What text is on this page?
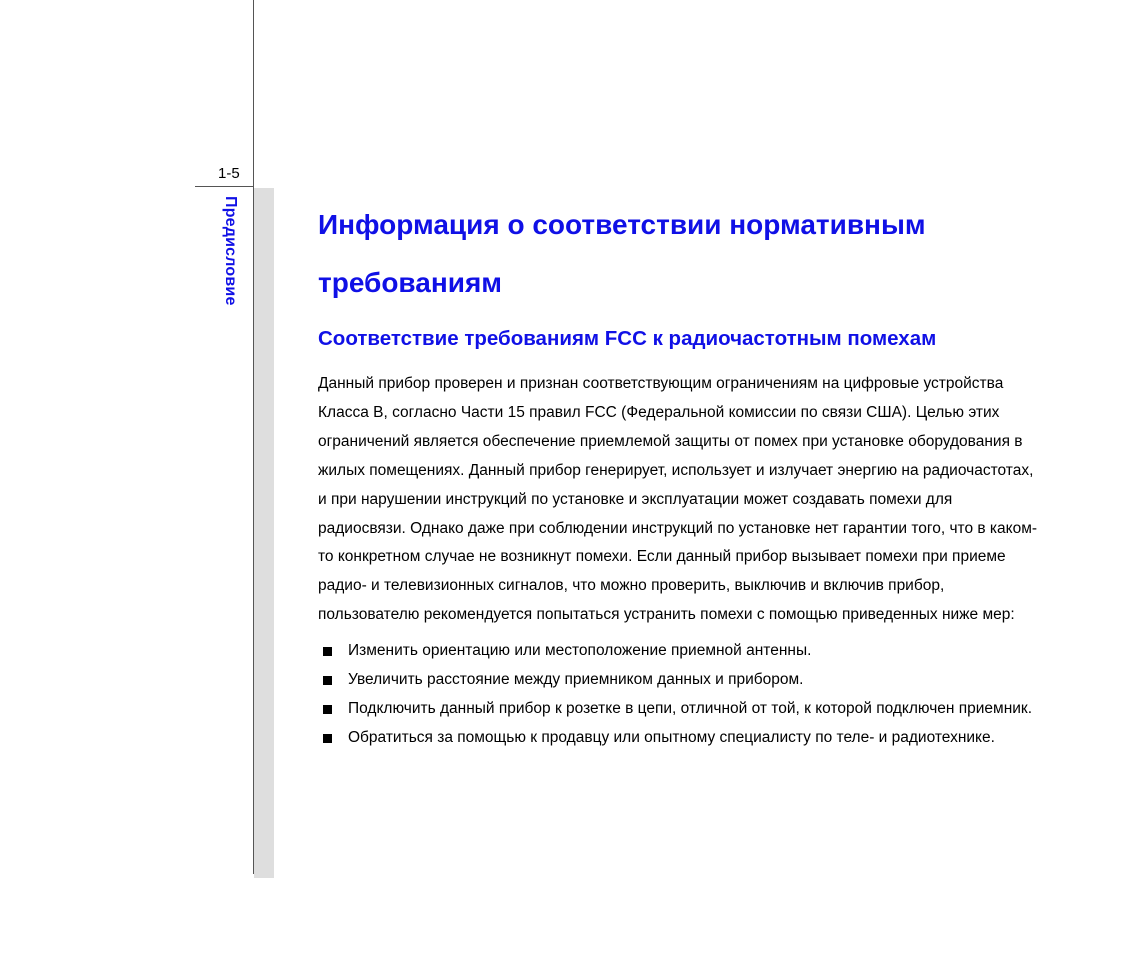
1-5
Предисловие	Информация о соответствии нормативным требованиям
Соответствие требованиям FCC к радиочастотным помехам

Данный прибор проверен и признан соответствующим ограничениям на цифровые устройства Класса B, согласно Части 15 правил FCC (Федеральной комиссии по связи США). Целью этих ограничений является обеспечение приемлемой защиты от помех при установке оборудования в жилых помещениях. Данный прибор генерирует, использует и излучает энергию на радиочастотах, и при нарушении инструкций по установке и эксплуатации может создавать помехи для радиосвязи. Однако даже при соблюдении инструкций по установке нет гарантии того, что в каком-то конкретном случае не возникнут помехи. Если данный прибор вызывает помехи при приеме радио- и телевизионных сигналов, что можно проверить, выключив и включив прибор, пользователю рекомендуется попытаться устранить помехи с помощью приведенных ниже мер:

Изменить ориентацию или местоположение приемной антенны.
Увеличить расстояние между приемником данных и прибором.
Подключить данный прибор к розетке в цепи, отличной от той, к которой подключен приемник.
Обратиться за помощью к продавцу или опытному специалисту по теле- и радиотехнике.
